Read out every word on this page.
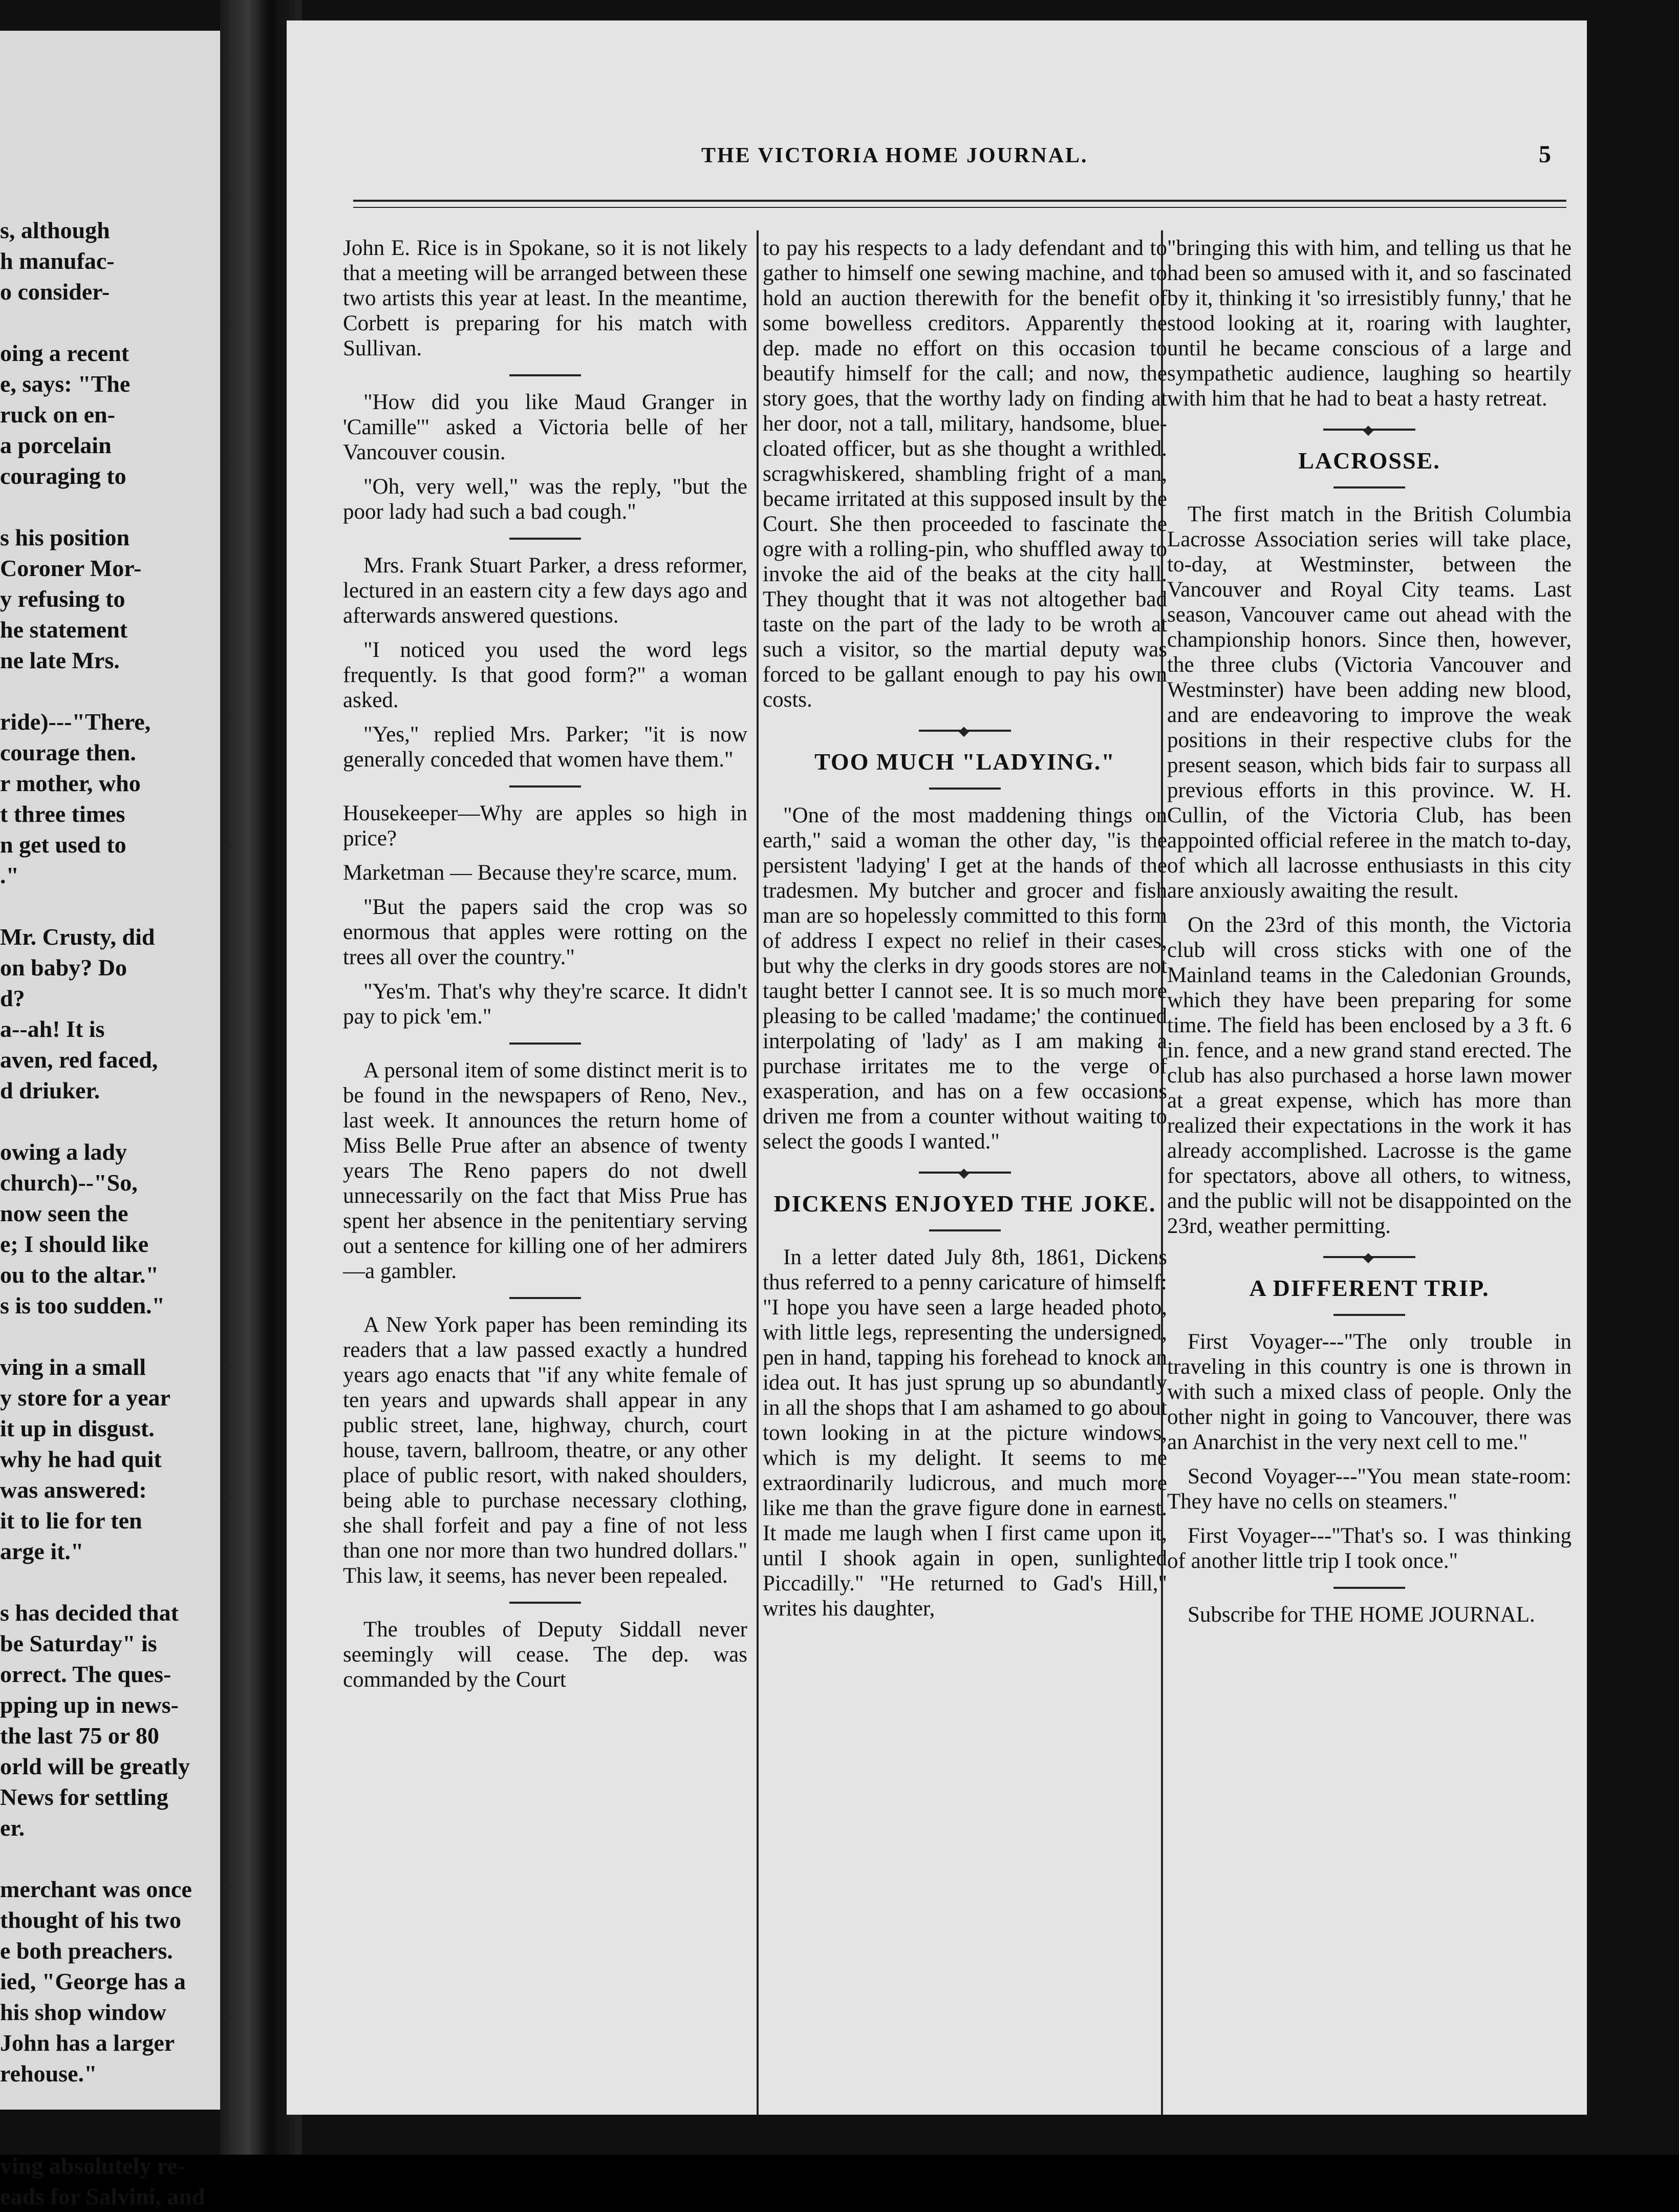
s, although

h manufac-

o consider-

oing a recent

e, says: "The

ruck on en-

a porcelain

couraging to

s his position

Coroner Mor-

y refusing to

he statement

ne late Mrs.

ride)---"There,

courage then.

r mother, who

t three times

n get used to

."

Mr. Crusty, did

on baby? Do

d?

a--ah! It is

aven, red faced,

d driuker.

owing a lady

church)--"So,

now seen the

e; I should like

ou to the altar."

s is too sudden."

ving in a small

y store for a year

it up in disgust.

why he had quit

was answered:

it to lie for ten

arge it."

s has decided that

be Saturday" is

orrect. The ques-

pping up in news-

the last 75 or 80

orld will be greatly

News for settling

er.

merchant was once

thought of his two

e both preachers.

ied, "George has a

his shop window

John has a larger

rehouse."

: Lyons is in New

ving absolutely re-

eads for Salvini, and

THE VICTORIA HOME JOURNAL.	5

John E. Rice is in Spokane, so it is not likely that a meeting will be arranged between these two artists this year at least. In the meantime, Corbett is preparing for his match with Sullivan.

"How did you like Maud Granger in 'Camille'" asked a Victoria belle of her Vancouver cousin.

"Oh, very well," was the reply, "but the poor lady had such a bad cough."

Mrs. Frank Stuart Parker, a dress reformer, lectured in an eastern city a few days ago and afterwards answered questions.

"I noticed you used the word legs frequently. Is that good form?" a woman asked.

"Yes," replied Mrs. Parker; "it is now generally conceded that women have them."

Housekeeper—Why are apples so high in price?

Marketman — Because they're scarce, mum.

"But the papers said the crop was so enormous that apples were rotting on the trees all over the country."

"Yes'm. That's why they're scarce. It didn't pay to pick 'em."

A personal item of some distinct merit is to be found in the newspapers of Reno, Nev., last week. It announces the return home of Miss Belle Prue after an absence of twenty years The Reno papers do not dwell unnecessarily on the fact that Miss Prue has spent her absence in the penitentiary serving out a sentence for killing one of her admirers—a gambler.

A New York paper has been reminding its readers that a law passed exactly a hundred years ago enacts that "if any white female of ten years and upwards shall appear in any public street, lane, highway, church, court house, tavern, ballroom, theatre, or any other place of public resort, with naked shoulders, being able to purchase necessary clothing, she shall forfeit and pay a fine of not less than one nor more than two hundred dollars." This law, it seems, has never been repealed.

The troubles of Deputy Siddall never seemingly will cease. The dep. was commanded by the Court

to pay his respects to a lady defendant and to gather to himself one sewing machine, and to hold an auction therewith for the benefit of some bowelless creditors. Apparently the dep. made no effort on this occasion to beautify himself for the call; and now, the story goes, that the worthy lady on finding at her door, not a tall, military, handsome, blue-cloated officer, but as she thought a writhled. scragwhiskered, shambling fright of a man, became irritated at this supposed insult by the Court. She then proceeded to fascinate the ogre with a rolling-pin, who shuffled away to invoke the aid of the beaks at the city hall. They thought that it was not altogether bad taste on the part of the lady to be wroth at such a visitor, so the martial deputy was forced to be gallant enough to pay his own costs.

◆
TOO MUCH "LADYING."

"One of the most maddening things on earth," said a woman the other day, "is the persistent 'ladying' I get at the hands of the tradesmen. My butcher and grocer and fish man are so hopelessly committed to this form of address I expect no relief in their cases, but why the clerks in dry goods stores are not taught better I cannot see. It is so much more pleasing to be called 'madame;' the continued interpolating of 'lady' as I am making a purchase irritates me to the verge of exasperation, and has on a few occasions driven me from a counter without waiting to select the goods I wanted."

◆
DICKENS ENJOYED THE JOKE.

In a letter dated July 8th, 1861, Dickens thus referred to a penny caricature of himself: "I hope you have seen a large headed photo, with little legs, representing the undersigned, pen in hand, tapping his forehead to knock an idea out. It has just sprung up so abundantly in all the shops that I am ashamed to go about town looking in at the picture windows, which is my delight. It seems to me extraordinarily ludicrous, and much more like me than the grave figure done in earnest. It made me laugh when I first came upon it, until I shook again in open, sunlighted Piccadilly." "He returned to Gad's Hill," writes his daughter,

"bringing this with him, and telling us that he had been so amused with it, and so fascinated by it, thinking it 'so irresistibly funny,' that he stood looking at it, roaring with laughter, until he became conscious of a large and sympathetic audience, laughing so heartily with him that he had to beat a hasty retreat.

◆
LACROSSE.

The first match in the British Columbia Lacrosse Association series will take place, to-day, at Westminster, between the Vancouver and Royal City teams. Last season, Vancouver came out ahead with the championship honors. Since then, however, the three clubs (Victoria Vancouver and Westminster) have been adding new blood, and are endeavoring to improve the weak positions in their respective clubs for the present season, which bids fair to surpass all previous efforts in this province. W. H. Cullin, of the Victoria Club, has been appointed official referee in the match to-day, of which all lacrosse enthusiasts in this city are anxiously awaiting the result.

On the 23rd of this month, the Victoria club will cross sticks with one of the Mainland teams in the Caledonian Grounds, which they have been preparing for some time. The field has been enclosed by a 3 ft. 6 in. fence, and a new grand stand erected. The club has also purchased a horse lawn mower at a great expense, which has more than realized their expectations in the work it has already accomplished. Lacrosse is the game for spectators, above all others, to witness, and the public will not be disappointed on the 23rd, weather permitting.

◆
A DIFFERENT TRIP.

First Voyager---"The only trouble in traveling in this country is one is thrown in with such a mixed class of people. Only the other night in going to Vancouver, there was an Anarchist in the very next cell to me."

Second Voyager---"You mean state-room: They have no cells on steamers."

First Voyager---"That's so. I was thinking of another little trip I took once."

Subscribe for THE HOME JOURNAL.
